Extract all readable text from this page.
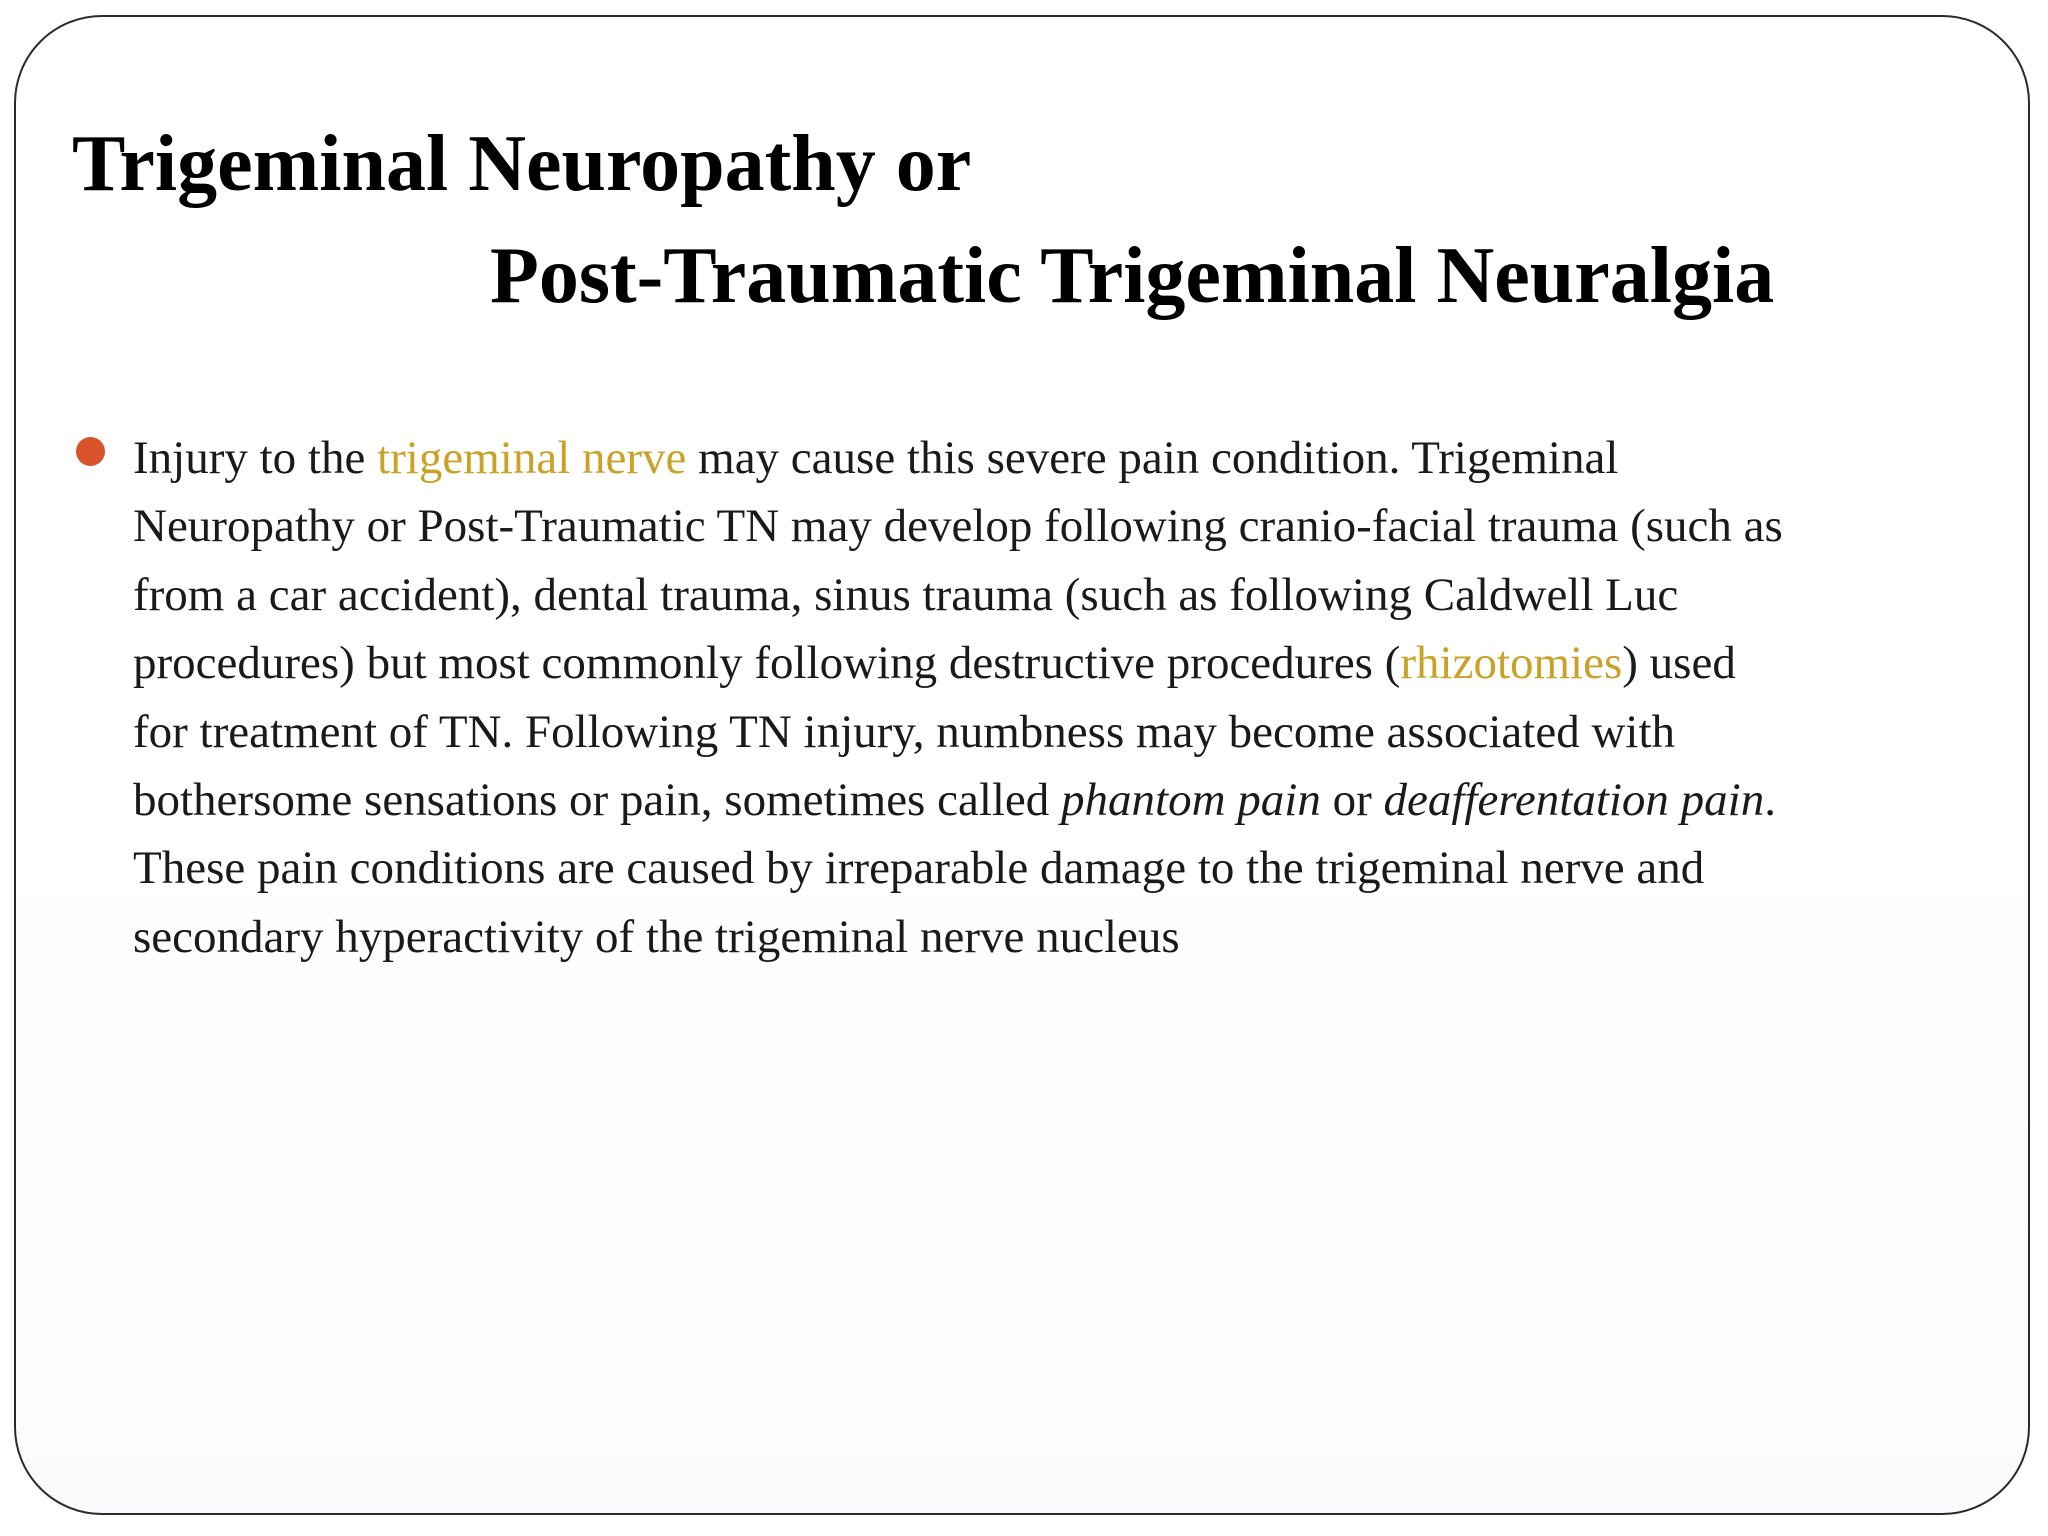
Trigeminal Neuropathy or
Post-Traumatic Trigeminal Neuralgia

Injury to the trigeminal nerve may cause this severe pain condition. Trigeminal
Neuropathy or Post-Traumatic TN may develop following cranio-facial trauma (such as
from a car accident), dental trauma, sinus trauma (such as following Caldwell Luc
procedures) but most commonly following destructive procedures (rhizotomies) used
for treatment of TN. Following TN injury, numbness may become associated with
bothersome sensations or pain, sometimes called phantom pain or deafferentation pain.
These pain conditions are caused by irreparable damage to the trigeminal nerve and
secondary hyperactivity of the trigeminal nerve nucleus
